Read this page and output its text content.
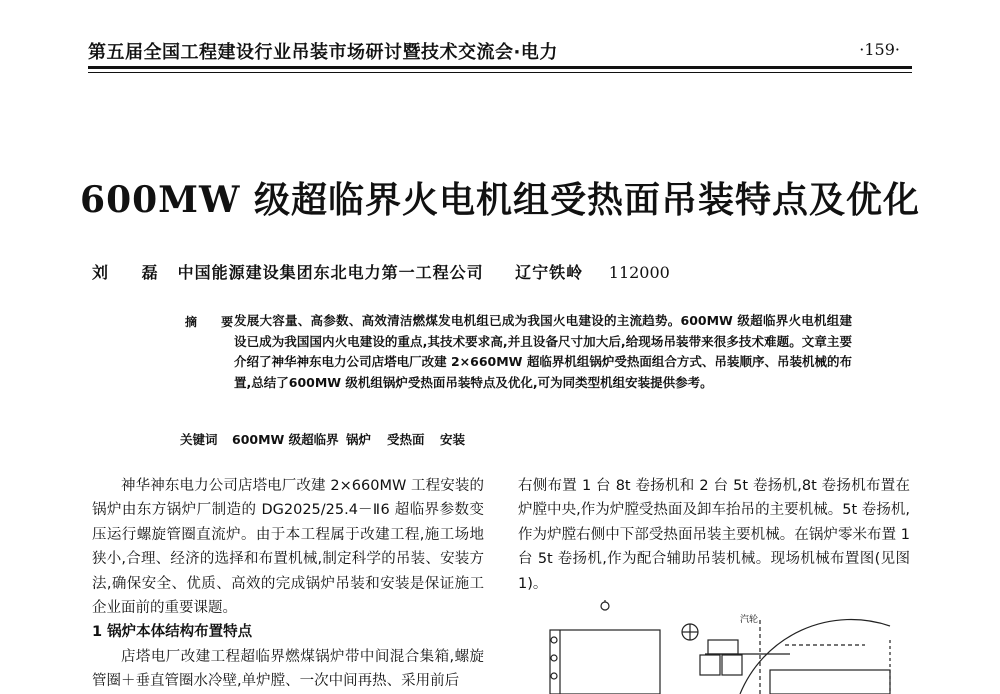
第五届全国工程建设行业吊装市场研讨暨技术交流会·电力	·159·
600MW 级超临界火电机组受热面吊装特点及优化
刘 磊 中国能源建设集团东北电力第一工程公司 辽宁铁岭 112000
摘 要
发展大容量、高参数、高效清洁燃煤发电机组已成为我国火电建设的主流趋势。600MW 级超临界火电机组建设已成为我国国内火电建设的重点,其技术要求高,并且设备尺寸加大后,给现场吊装带来很多技术难题。文章主要介绍了神华神东电力公司店塔电厂改建 2×660MW 超临界机组锅炉受热面组合方式、吊装顺序、吊装机械的布置,总结了600MW 级机组锅炉受热面吊装特点及优化,可为同类型机组安装提供参考。
关键词 600MW 级超临界 锅炉 受热面 安装
神华神东电力公司店塔电厂改建 2×660MW 工程安装的锅炉由东方锅炉厂制造的 DG2025/25.4－Ⅱ6 超临界参数变压运行螺旋管圈直流炉。由于本工程属于改建工程,施工场地狭小,合理、经济的选择和布置机械,制定科学的吊装、安装方法,确保安全、优质、高效的完成锅炉吊装和安装是保证施工企业面前的重要课题。
1 锅炉本体结构布置特点
店塔电厂改建工程超临界燃煤锅炉带中间混合集箱,螺旋管圈＋垂直管圈水冷壁,单炉膛、一次中间再热、采用前后
右侧布置 1 台 8t 卷扬机和 2 台 5t 卷扬机,8t 卷扬机布置在炉膛中央,作为炉膛受热面及卸车抬吊的主要机械。5t 卷扬机,作为炉膛右侧中下部受热面吊装主要机械。在锅炉零米布置 1 台 5t 卷扬机,作为配合辅助吊装机械。现场机械布置图(见图1)。
汽轮
